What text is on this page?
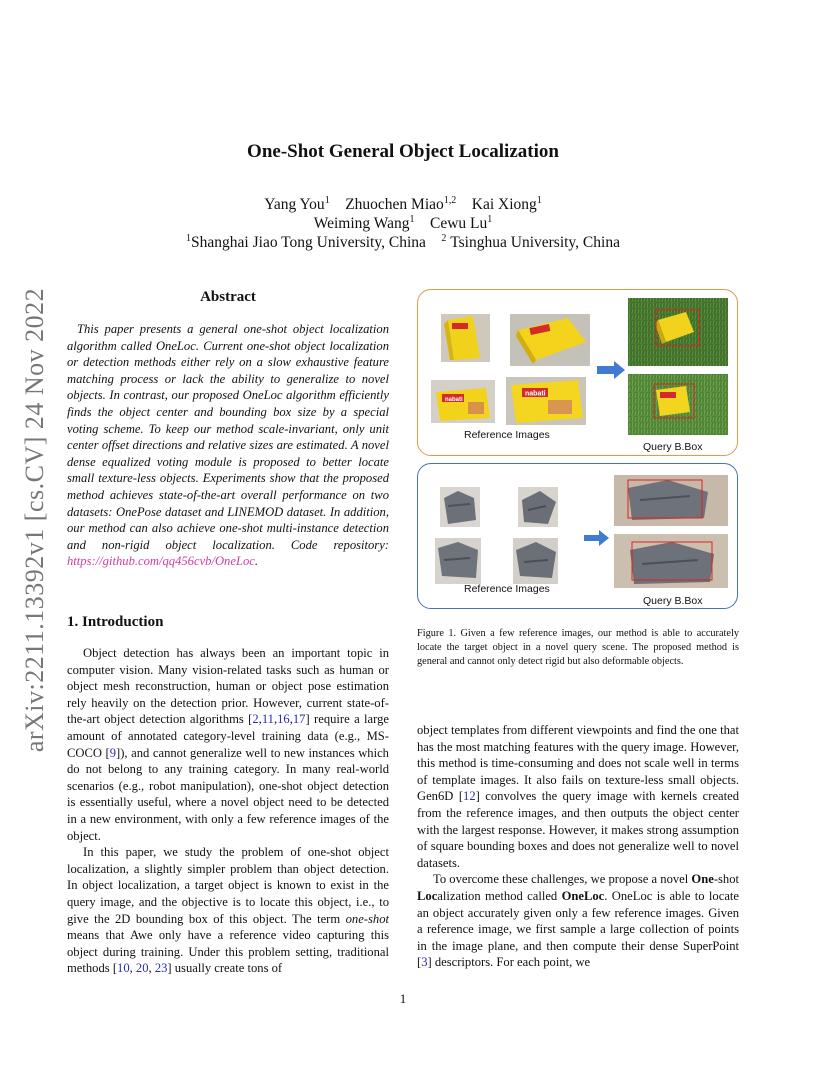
arXiv:2211.13392v1 [cs.CV] 24 Nov 2022
One-Shot General Object Localization
Yang You$^1$ Zhuochen Miao$^{1,2}$ Kai Xiong$^1$
Weiming Wang$^1$ Cewu Lu$^1$
$^1$Shanghai Jiao Tong University, China $^2$ Tsinghua University, China
Abstract
This paper presents a general one-shot object localization algorithm called OneLoc. Current one-shot object localization or detection methods either rely on a slow exhaustive feature matching process or lack the ability to generalize to novel objects. In contrast, our proposed OneLoc algorithm efficiently finds the object center and bounding box size by a special voting scheme. To keep our method scale-invariant, only unit center offset directions and relative sizes are estimated. A novel dense equalized voting module is proposed to better locate small texture-less objects. Experiments show that the proposed method achieves state-of-the-art overall performance on two datasets: OnePose dataset and LINEMOD dataset. In addition, our method can also achieve one-shot multi-instance detection and non-rigid object localization. Code repository: https://github.com/qq456cvb/OneLoc.
1. Introduction

Object detection has always been an important topic in computer vision. Many vision-related tasks such as human or object mesh reconstruction, human or object pose estimation rely heavily on the detection prior. However, current state-of-the-art object detection algorithms [2,11,16,17] require a large amount of annotated category-level training data (e.g., MS-COCO [9]), and cannot generalize well to new instances which do not belong to any training category. In many real-world scenarios (e.g., robot manipulation), one-shot object detection is essentially useful, where a novel object need to be detected in a new environment, with only a few reference images of the object.

In this paper, we study the problem of one-shot object localization, a slightly simpler problem than object detection. In object localization, a target object is known to exist in the query image, and the objective is to locate this object, i.e., to give the 2D bounding box of this object. The term one-shot means that Awe only have a reference video capturing this object during training. Under this problem setting, traditional methods [10, 20, 23] usually create tons of

nabati
nabati
Reference Images
Query B.Box
Reference Images
Query B.Box
Figure 1. Given a few reference images, our method is able to accurately locate the target object in a novel query scene. The proposed method is general and cannot only detect rigid but also deformable objects.

object templates from different viewpoints and find the one that has the most matching features with the query image. However, this method is time-consuming and does not scale well in terms of template images. It also fails on texture-less small objects. Gen6D [12] convolves the query image with kernels created from the reference images, and then outputs the object center with the largest response. However, it makes strong assumption of square bounding boxes and does not generalize well to novel datasets.

To overcome these challenges, we propose a novel One-shot Localization method called OneLoc. OneLoc is able to locate an object accurately given only a few reference images. Given a reference image, we first sample a large collection of points in the image plane, and then compute their dense SuperPoint [3] descriptors. For each point, we

1
